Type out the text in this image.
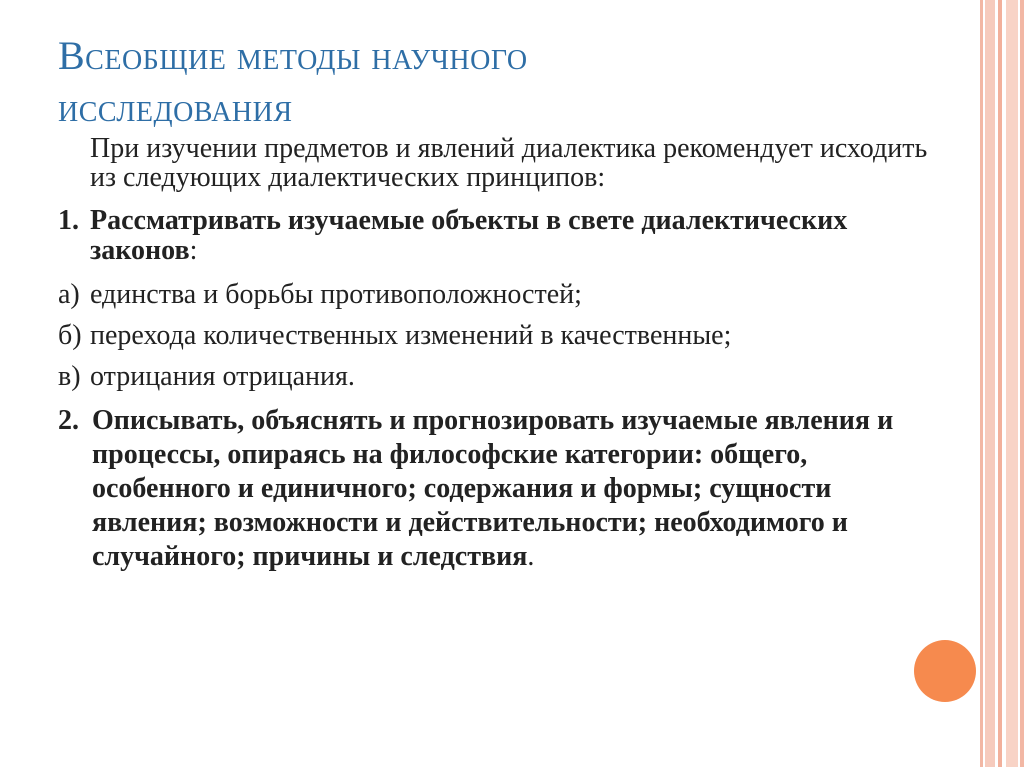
Всеобщие методы научного
исследования

При изучении предметов и явлений диалектика рекомендует исходить из следующих диалектических принципов:

1. Рассматривать изучаемые объекты в свете диалектических законов:
а) единства и борьбы противоположностей;
б) перехода количественных изменений в качественные;
в) отрицания отрицания.
2. Описывать, объяснять и прогнозировать изучаемые явления и процессы, опираясь на философские категории: общего, особенного и единичного; содержания и формы; сущности явления; возможности и действительности; необходимого и случайного; причины и следствия.
